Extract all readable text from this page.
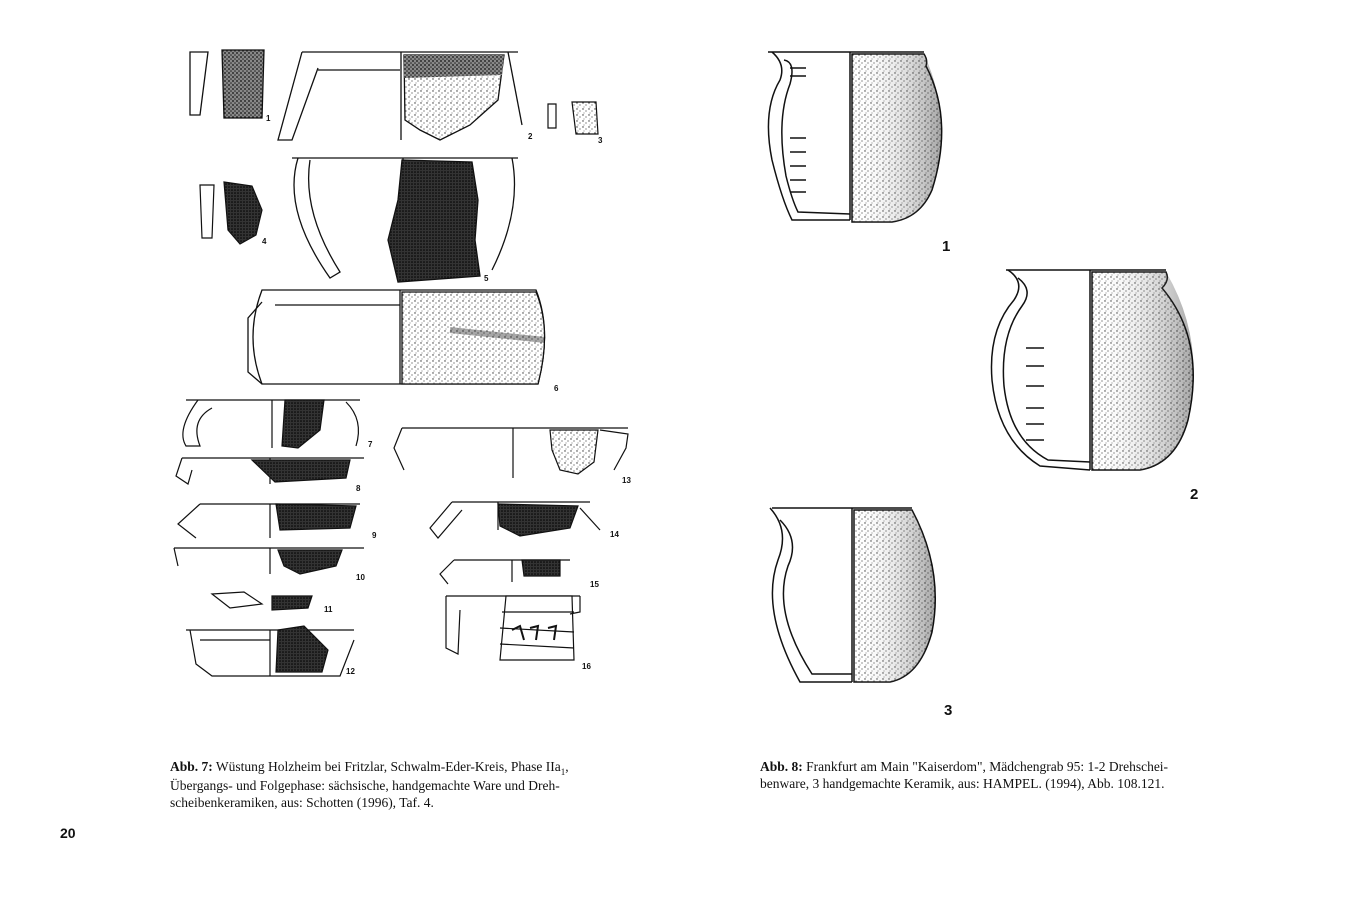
1
2	3
4
5
6
7
8
9
10
11
12
13
14
15
16
1
2
3
Abb. 7: Wüstung Holzheim bei Fritzlar, Schwalm-Eder-Kreis, Phase IIa$_1$,
Übergangs- und Folgephase: sächsische, handgemachte Ware und Dreh-
scheibenkeramiken, aus: Schotten (1996), Taf. 4.
Abb. 8: Frankfurt am Main "Kaiserdom", Mädchengrab 95: 1-2 Drehschei-
benware, 3 handgemachte Keramik, aus: HAMPEL. (1994), Abb. 108.121.
20
